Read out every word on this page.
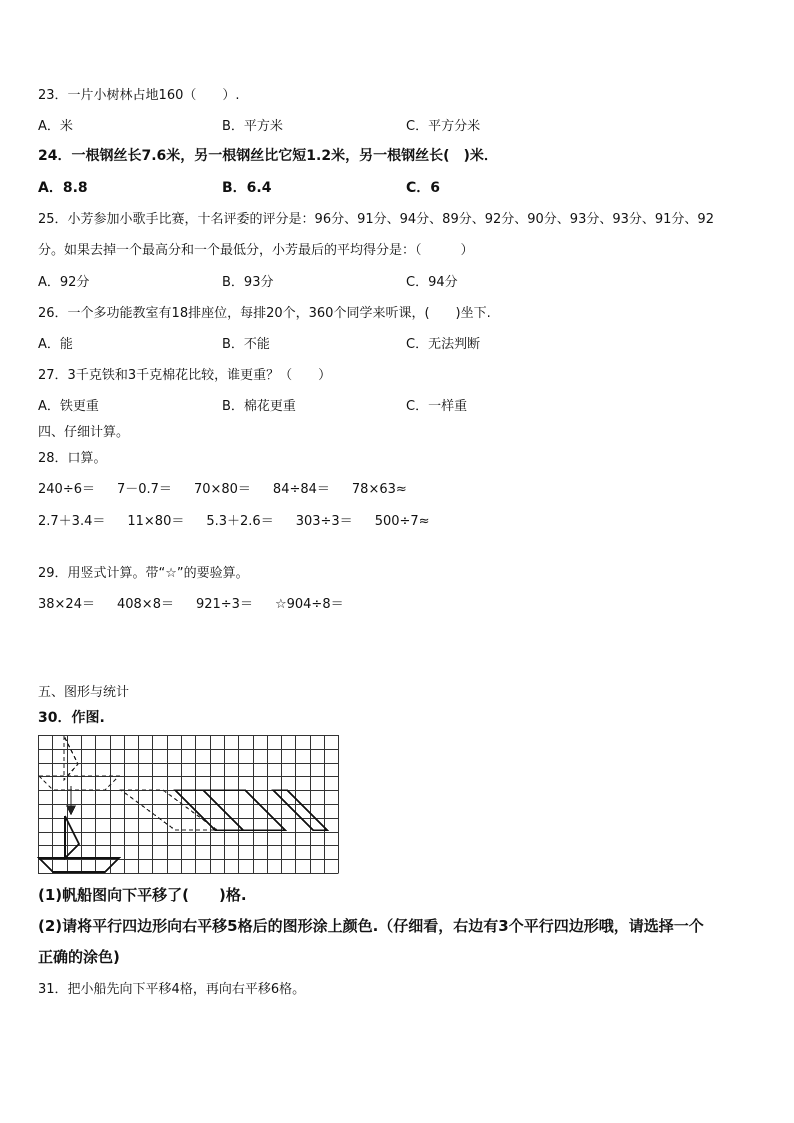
23．一片小树林占地160（　　）.
A．米	B．平方米	C．平方分米
24．一根钢丝长7.6米，另一根钢丝比它短1.2米，另一根钢丝长(　)米．
A．8.8	B．6.4	C．6
25．小芳参加小歌手比赛，十名评委的评分是：96分、91分、94分、89分、92分、90分、93分、93分、91分、92
分。如果去掉一个最高分和一个最低分，小芳最后的平均得分是：（　　　）
A．92分	B．93分	C．94分
26．一个多功能教室有18排座位，每排20个，360个同学来听课，(　　)坐下.
A．能	B．不能	C．无法判断
27．3千克铁和3千克棉花比较，谁更重？（　　）
A．铁更重	B．棉花更重	C．一样重
四、仔细计算。
28．口算。
240÷6＝ 7－0.7＝ 70×80＝ 84÷84＝ 78×63≈
2.7＋3.4＝ 11×80＝ 5.3＋2.6＝ 303÷3＝ 500÷7≈
29．用竖式计算。带“☆”的要验算。
38×24＝ 408×8＝ 921÷3＝ ☆904÷8＝
五、图形与统计
30．作图.
(1)帆船图向下平移了(　　)格.
(2)请将平行四边形向右平移5格后的图形涂上颜色.（仔细看，右边有3个平行四边形哦，请选择一个
正确的涂色)
31．把小船先向下平移4格，再向右平移6格。
